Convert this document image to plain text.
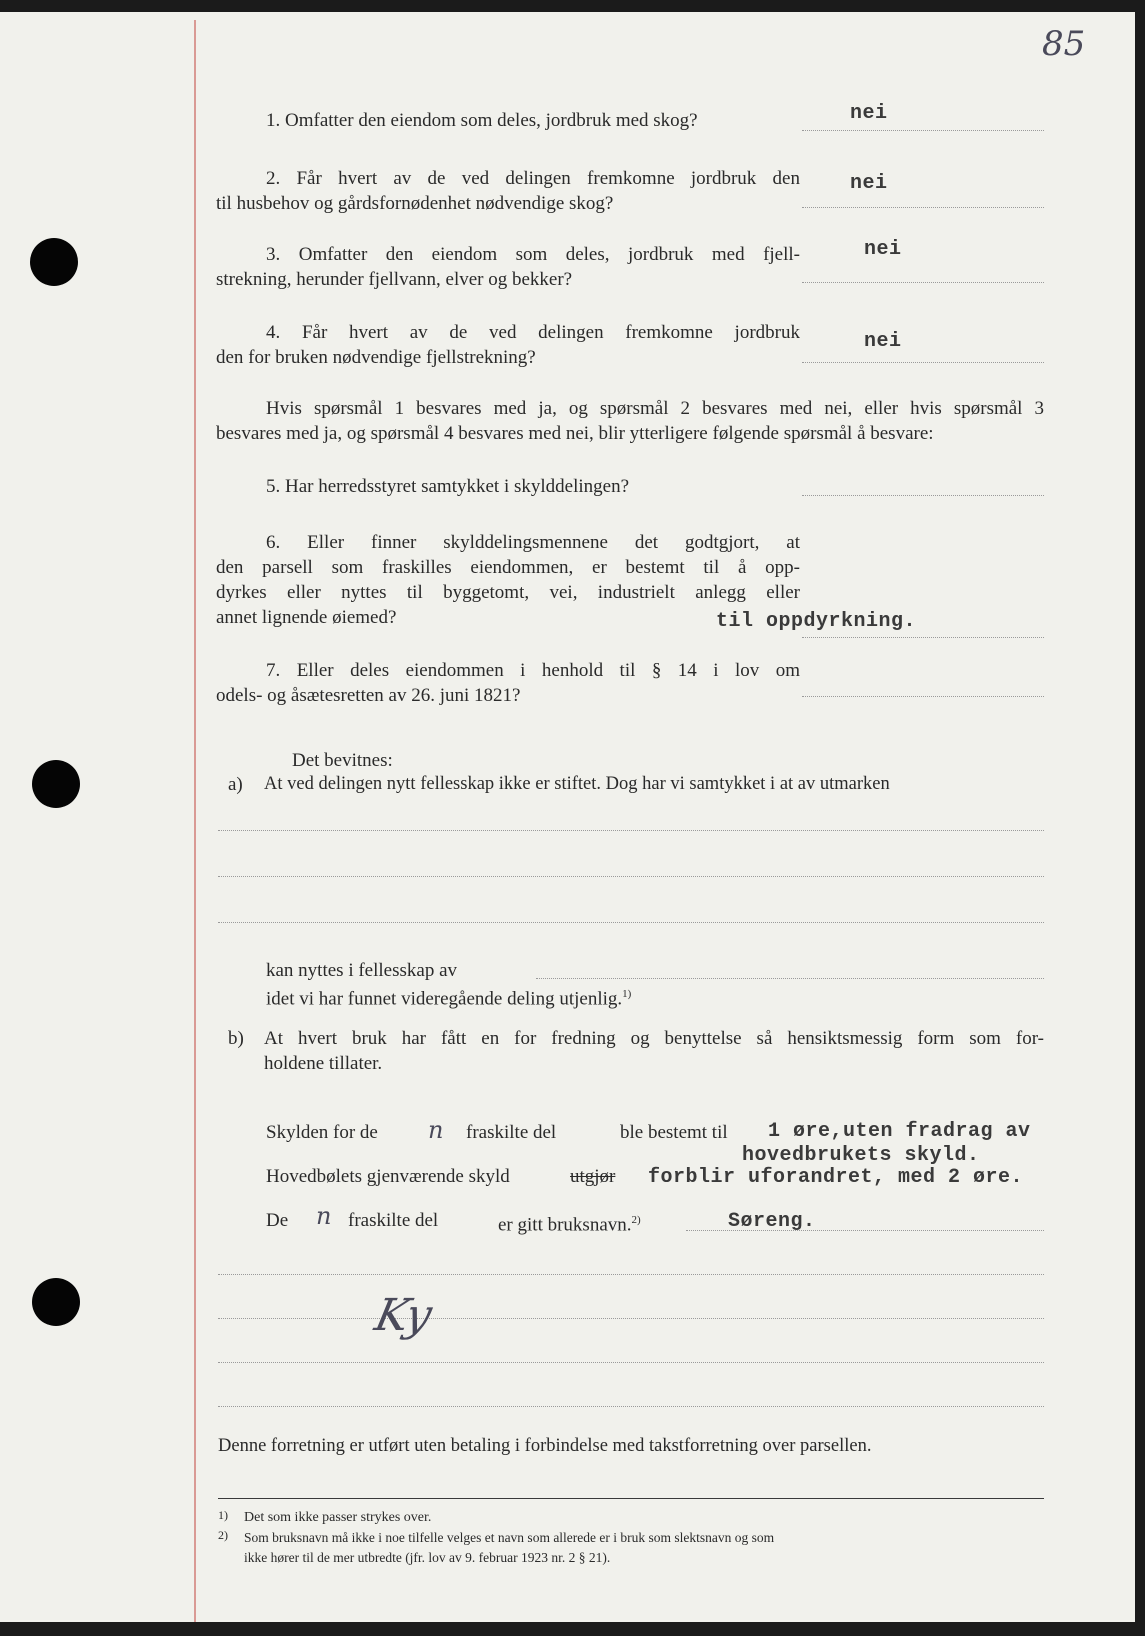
85
1. Omfatter den eiendom som deles, jordbruk med skog?	nei
2. Får hvert av de ved delingen fremkomne jordbruk den
til husbehov og gårdsfornødenhet nødvendige skog?
nei
3. Omfatter den eiendom som deles, jordbruk med fjell-
strekning, herunder fjellvann, elver og bekker?
nei
4. Får hvert av de ved delingen fremkomne jordbruk
den for bruken nødvendige fjellstrekning?
nei
Hvis spørsmål 1 besvares med ja, og spørsmål 2 besvares med nei, eller hvis spørsmål 3
besvares med ja, og spørsmål 4 besvares med nei, blir ytterligere følgende spørsmål å besvare:
5. Har herredsstyret samtykket i skylddelingen?
6. Eller finner skylddelingsmennene det godtgjort, at
den parsell som fraskilles eiendommen, er bestemt til å opp-
dyrkes eller nyttes til byggetomt, vei, industrielt anlegg eller
annet lignende øiemed?	til oppdyrkning.
7. Eller deles eiendommen i henhold til § 14 i lov om
odels- og åsætesretten av 26. juni 1821?
Det bevitnes:
a) At ved delingen nytt fellesskap ikke er stiftet. Dog har vi samtykket i at av utmarken
kan nyttes i fellesskap av
idet vi har funnet videregående deling utjenlig.$^{1)}$
b) At hvert bruk har fått en for fredning og benyttelse så hensiktsmessig form som for-
holdene tillater.
Skylden for de n fraskilte del	ble bestemt til 1 øre,uten fradrag av
hovedbrukets skyld.
Hovedbølets gjenværende skyld	utgjør forblir uforandret, med 2 øre.
De n fraskilte del	er gitt bruksnavn.$^{2)}$	Søreng.
Ky
Denne forretning er utført uten betaling i forbindelse med takstforretning over parsellen.
1) Det som ikke passer strykes over.
2) Som bruksnavn må ikke i noe tilfelle velges et navn som allerede er i bruk som slektsnavn og som
ikke hører til de mer utbredte (jfr. lov av 9. februar 1923 nr. 2 § 21).
